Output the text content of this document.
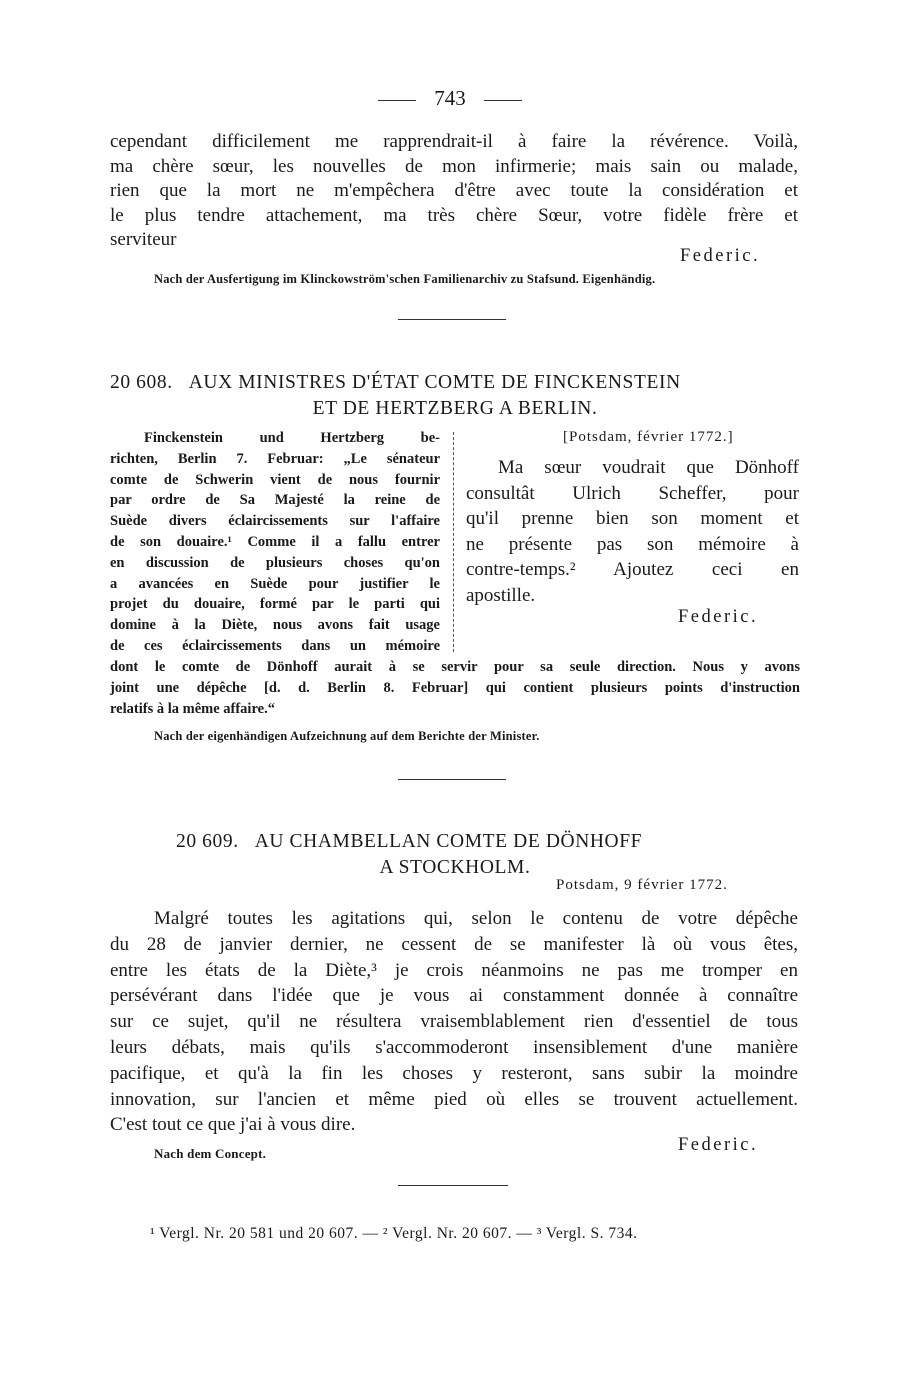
743
cependant difficilement me rapprendrait-il à faire la révérence. Voilà,
ma chère sœur, les nouvelles de mon infirmerie; mais sain ou malade,
rien que la mort ne m'empêchera d'être avec toute la considération et
le plus tendre attachement, ma très chère Sœur, votre fidèle frère et
serviteur
Federic.
Nach der Ausfertigung im Klinckowström'schen Familienarchiv zu Stafsund. Eigenhändig.
20 608. AUX MINISTRES D'ÉTAT COMTE DE FINCKENSTEIN
ET DE HERTZBERG A BERLIN.
Finckenstein und Hertzberg be-
richten, Berlin 7. Februar: „Le sénateur
comte de Schwerin vient de nous fournir
par ordre de Sa Majesté la reine de
Suède divers éclaircissements sur l'affaire
de son douaire.¹ Comme il a fallu entrer
en discussion de plusieurs choses qu'on
a avancées en Suède pour justifier le
projet du douaire, formé par le parti qui
domine à la Diète, nous avons fait usage
de ces éclaircissements dans un mémoire
[Potsdam, février 1772.]
Ma sœur voudrait que Dönhoff
consultât Ulrich Scheffer, pour
qu'il prenne bien son moment et
ne présente pas son mémoire à
contre-temps.² Ajoutez ceci en
apostille.
Federic.
dont le comte de Dönhoff aurait à se servir pour sa seule direction. Nous y avons
joint une dépêche [d. d. Berlin 8. Februar] qui contient plusieurs points d'instruction
relatifs à la même affaire.“
Nach der eigenhändigen Aufzeichnung auf dem Berichte der Minister.
20 609. AU CHAMBELLAN COMTE DE DÖNHOFF
A STOCKHOLM.
Potsdam, 9 février 1772.
Malgré toutes les agitations qui, selon le contenu de votre dépêche
du 28 de janvier dernier, ne cessent de se manifester là où vous êtes,
entre les états de la Diète,³ je crois néanmoins ne pas me tromper en
persévérant dans l'idée que je vous ai constamment donnée à connaître
sur ce sujet, qu'il ne résultera vraisemblablement rien d'essentiel de tous
leurs débats, mais qu'ils s'accommoderont insensiblement d'une manière
pacifique, et qu'à la fin les choses y resteront, sans subir la moindre
innovation, sur l'ancien et même pied où elles se trouvent actuellement.
C'est tout ce que j'ai à vous dire.
Federic.
Nach dem Concept.
¹ Vergl. Nr. 20 581 und 20 607. — ² Vergl. Nr. 20 607. — ³ Vergl. S. 734.
